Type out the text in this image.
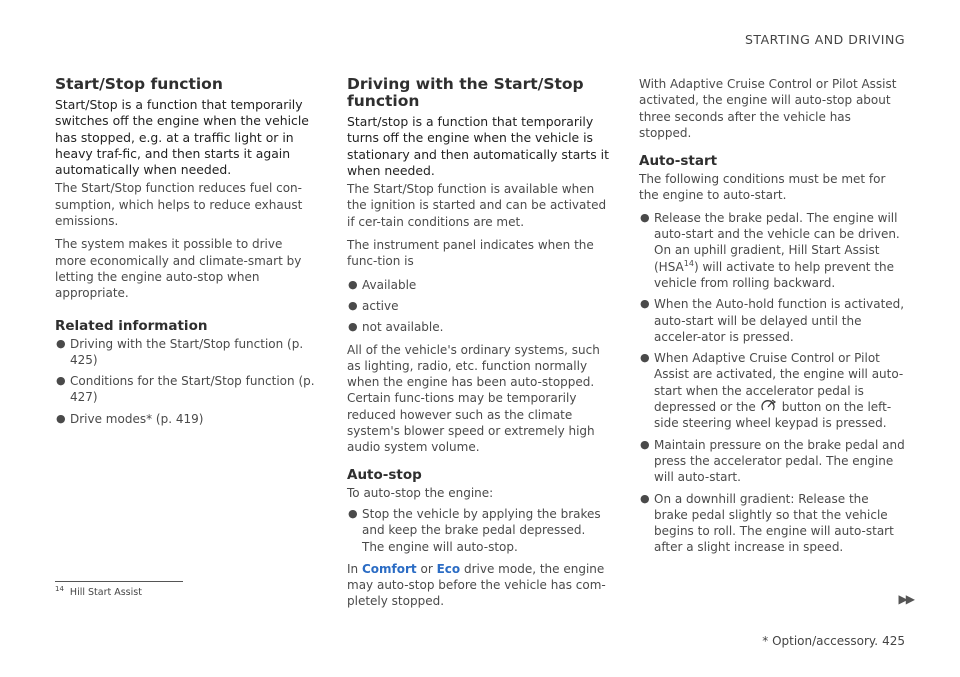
STARTING AND DRIVING
Start/Stop function
Start/Stop is a function that temporarily switches off the engine when the vehicle has stopped, e.g. at a traffic light or in heavy traf-fic, and then starts it again automatically when needed.

The Start/Stop function reduces fuel con-sumption, which helps to reduce exhaust emissions.

The system makes it possible to drive more economically and climate-smart by letting the engine auto-stop when appropriate.

Related information
● Driving with the Start/Stop function (p. 425)
● Conditions for the Start/Stop function (p. 427)
● Drive modes* (p. 419)
Driving with the Start/Stop function
Start/stop is a function that temporarily turns off the engine when the vehicle is stationary and then automatically starts it when needed.

The Start/Stop function is available when the ignition is started and can be activated if cer-tain conditions are met.

The instrument panel indicates when the func-tion is

● Available
● active
● not available.

All of the vehicle's ordinary systems, such as lighting, radio, etc. function normally when the engine has been auto-stopped. Certain func-tions may be temporarily reduced however such as the climate system's blower speed or extremely high audio system volume.

Auto-stop

To auto-stop the engine:

● Stop the vehicle by applying the brakes and keep the brake pedal depressed. The engine will auto-stop.

In Comfort or Eco drive mode, the engine may auto-stop before the vehicle has com-pletely stopped.

With Adaptive Cruise Control or Pilot Assist activated, the engine will auto-stop about three seconds after the vehicle has stopped.

Auto-start

The following conditions must be met for the engine to auto-start.

● Release the brake pedal. The engine will auto-start and the vehicle can be driven. On an uphill gradient, Hill Start Assist (HSA$^{14}$) will activate to help prevent the vehicle from rolling backward.
● When the Auto-hold function is activated, auto-start will be delayed until the acceler-ator is pressed.
● When Adaptive Cruise Control or Pilot Assist are activated, the engine will auto-start when the accelerator pedal is depressed or the button on the left-side steering wheel keypad is pressed.
● Maintain pressure on the brake pedal and press the accelerator pedal. The engine will auto-start.
● On a downhill gradient: Release the brake pedal slightly so that the vehicle begins to roll. The engine will auto-start after a slight increase in speed.
$^{14}$ Hill Start Assist	▶▶
* Option/accessory. 425
